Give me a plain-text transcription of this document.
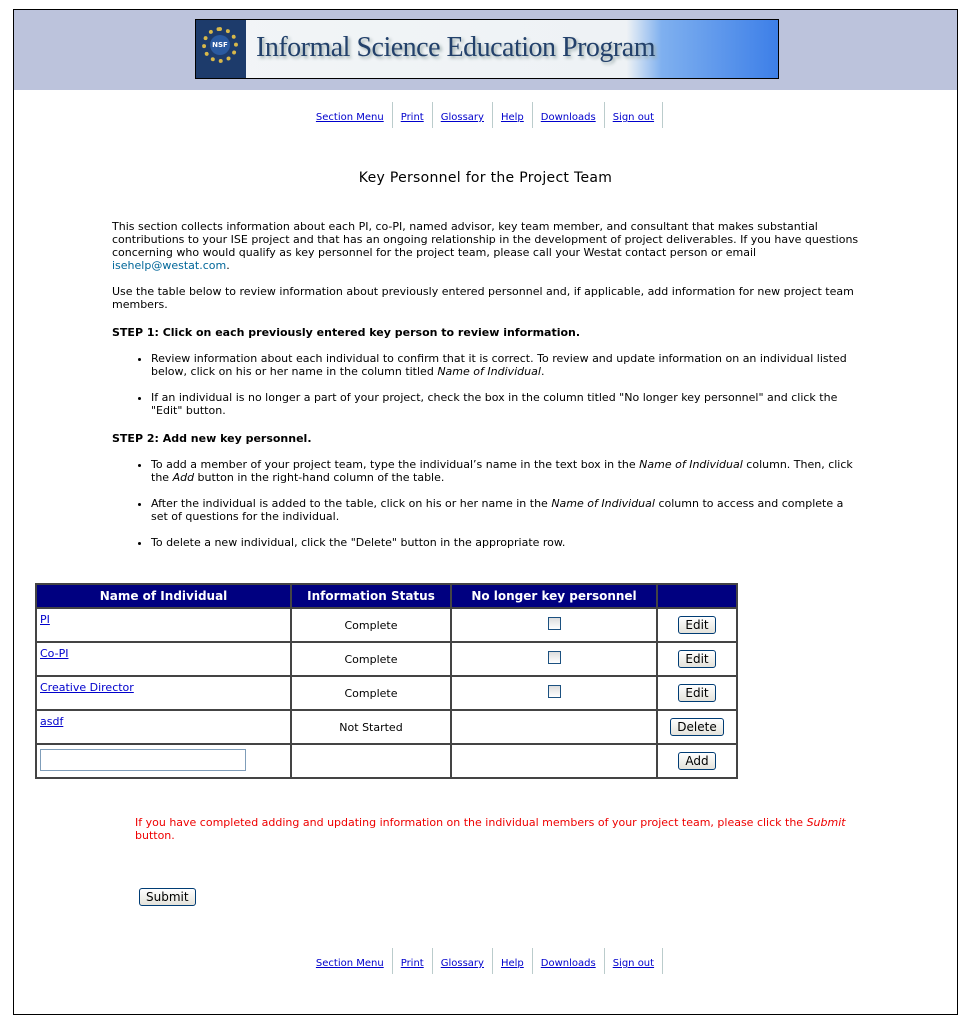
NSF Informal Science Education Program
Section Menu Print Glossary Help Downloads Sign out
Key Personnel for the Project Team

This section collects information about each PI, co-PI, named advisor, key team member, and consultant that makes substantial contributions to your ISE project and that has an ongoing relationship in the development of project deliverables. If you have questions concerning who would qualify as key personnel for the project team, please call your Westat contact person or email isehelp@westat.com.

Use the table below to review information about previously entered personnel and, if applicable, add information for new project team members.

STEP 1: Click on each previously entered key person to review information.
• Review information about each individual to confirm that it is correct. To review and update information on an individual listed below, click on his or her name in the column titled Name of Individual.
• If an individual is no longer a part of your project, check the box in the column titled "No longer key personnel" and click the "Edit" button.
STEP 2: Add new key personnel.
• To add a member of your project team, type the individual’s name in the text box in the Name of Individual column. Then, click the Add button in the right-hand column of the table.
• After the individual is added to the table, click on his or her name in the Name of Individual column to access and complete a set of questions for the individual.
• To delete a new individual, click the "Delete" button in the appropriate row.
Name of Individual	Information Status	No longer key personnel	

PI	Complete		Edit

Co-PI	Complete		Edit

Creative Director	Complete		Edit

asdf	Not Started		Delete
			Add
If you have completed adding and updating information on the individual members of your project team, please click the Submit button.
Submit
Section Menu Print Glossary Help Downloads Sign out
